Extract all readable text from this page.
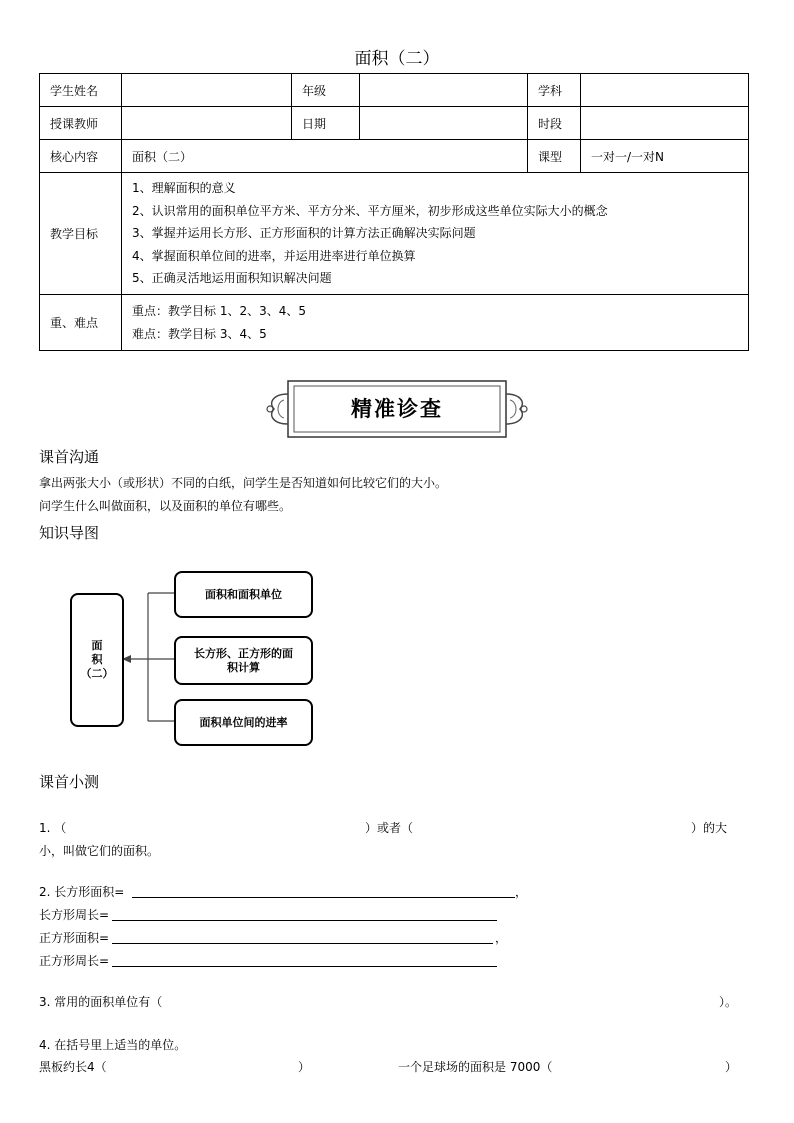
面积（二）
学生姓名		年级		学科	
授课教师		日期		时段	
核心内容	面积（二）			课型	一对一/一对N
教学目标	1、理解面积的意义
2、认识常用的面积单位平方米、平方分米、平方厘米，初步形成这些单位实际大小的概念
3、掌握并运用长方形、正方形面积的计算方法正确解决实际问题
4、掌握面积单位间的进率，并运用进率进行单位换算
5、正确灵活地运用面积知识解决问题				

重、难点	重点：教学目标 1、2、3、4、5
难点：教学目标 3、4、5				
精准诊查
课首沟通
拿出两张大小（或形状）不同的白纸，问学生是否知道如何比较它们的大小。
问学生什么叫做面积，以及面积的单位有哪些。
知识导图
面
积
（二）
面积和面积单位
长方形、正方形的面
积计算
面积单位间的进率
课首小测
1. （	）或者（	）的大
小，叫做它们的面积。
2. 长方形面积=	，
长方形周长=
正方形面积=	，
正方形周长=
3. 常用的面积单位有（	）。
4. 在括号里上适当的单位。
黑板约长4（	）	一个足球场的面积是 7000（	）
